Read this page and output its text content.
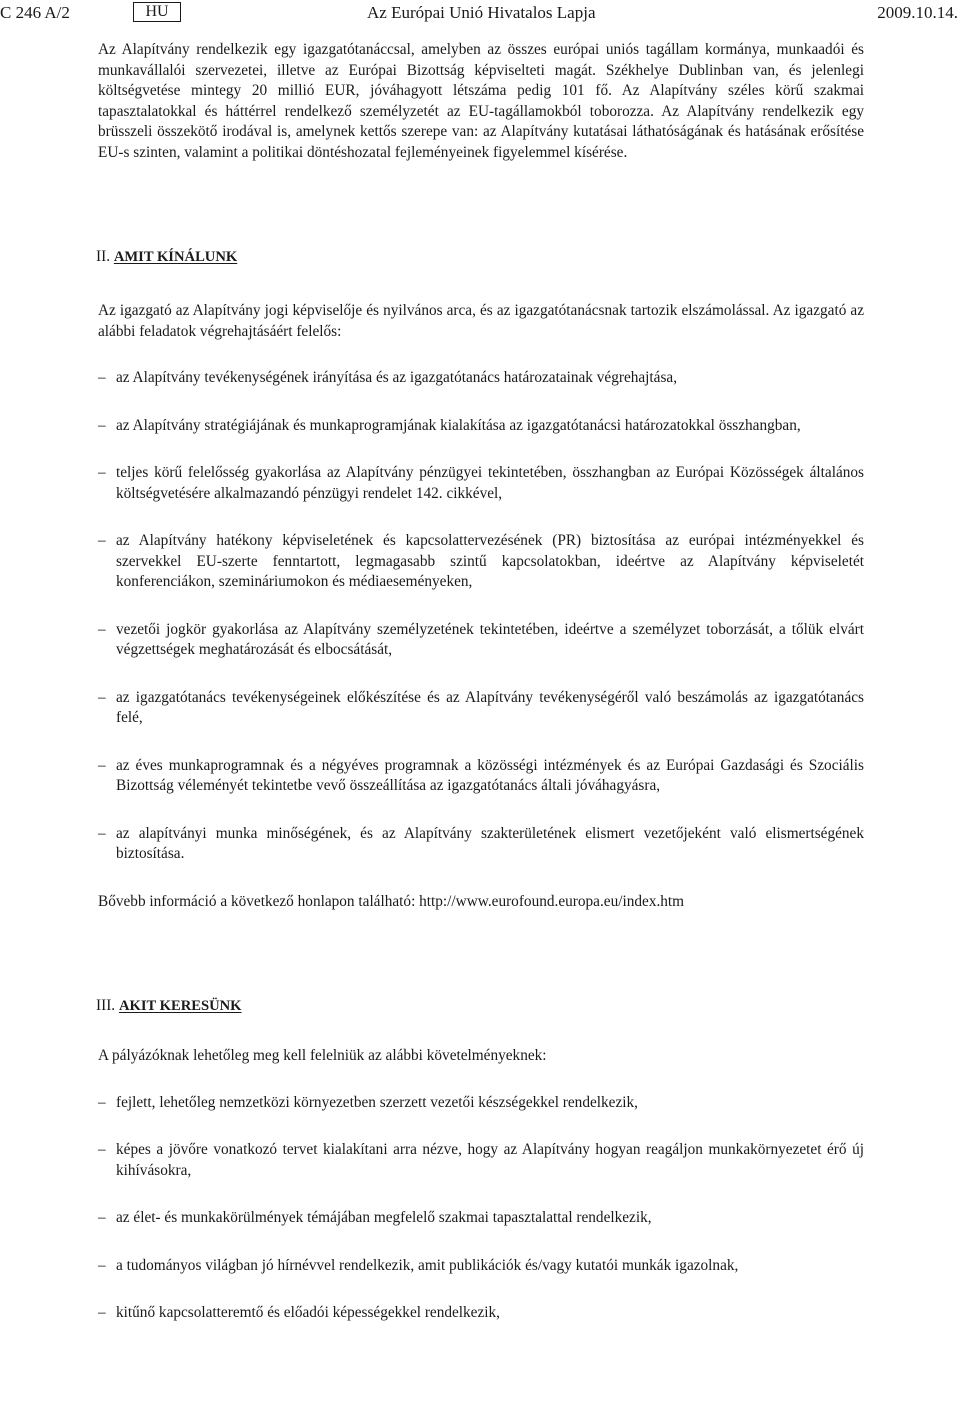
C 246 A/2	HU	Az Európai Unió Hivatalos Lapja	2009.10.14.

Az Alapítvány rendelkezik egy igazgatótanáccsal, amelyben az összes európai uniós tagállam kormánya, munkaadói és munkavállalói szervezetei, illetve az Európai Bizottság képviselteti magát. Székhelye Dublinban van, és jelenlegi költségvetése mintegy 20 millió EUR, jóváhagyott létszáma pedig 101 fő. Az Alapítvány széles körű szakmai tapasztalatokkal és háttérrel rendelkező személyzetét az EU-tagállamokból toborozza. Az Alapítvány rendelkezik egy brüsszeli összekötő irodával is, amelynek kettős szerepe van: az Alapítvány kutatásai láthatóságának és hatásának erősítése EU-s szinten, valamint a politikai döntéshozatal fejleményeinek figyelemmel kísérése.

II. AMIT KÍNÁLUNK

Az igazgató az Alapítvány jogi képviselője és nyilvános arca, és az igazgatótanácsnak tartozik elszámolással. Az igazgató az alábbi feladatok végrehajtásáért felelős:

– az Alapítvány tevékenységének irányítása és az igazgatótanács határozatainak végrehajtása,
– az Alapítvány stratégiájának és munkaprogramjának kialakítása az igazgatótanácsi határozatokkal összhangban,
– teljes körű felelősség gyakorlása az Alapítvány pénzügyei tekintetében, összhangban az Európai Közösségek általános költségvetésére alkalmazandó pénzügyi rendelet 142. cikkével,
– az Alapítvány hatékony képviseletének és kapcsolattervezésének (PR) biztosítása az európai intézményekkel és szervekkel EU-szerte fenntartott, legmagasabb szintű kapcsolatokban, ideértve az Alapítvány képviseletét konferenciákon, szemináriumokon és médiaeseményeken,
– vezetői jogkör gyakorlása az Alapítvány személyzetének tekintetében, ideértve a személyzet toborzását, a tőlük elvárt végzettségek meghatározását és elbocsátását,
– az igazgatótanács tevékenységeinek előkészítése és az Alapítvány tevékenységéről való beszámolás az igazgatótanács felé,
– az éves munkaprogramnak és a négyéves programnak a közösségi intézmények és az Európai Gazdasági és Szociális Bizottság véleményét tekintetbe vevő összeállítása az igazgatótanács általi jóváhagyásra,
– az alapítványi munka minőségének, és az Alapítvány szakterületének elismert vezetőjeként való elismertségének biztosítása.

Bővebb információ a következő honlapon található: http://www.eurofound.europa.eu/index.htm

III. AKIT KERESÜNK

A pályázóknak lehetőleg meg kell felelniük az alábbi követelményeknek:

– fejlett, lehetőleg nemzetközi környezetben szerzett vezetői készségekkel rendelkezik,
– képes a jövőre vonatkozó tervet kialakítani arra nézve, hogy az Alapítvány hogyan reagáljon munkakörnyezetet érő új kihívásokra,
– az élet- és munkakörülmények témájában megfelelő szakmai tapasztalattal rendelkezik,
– a tudományos világban jó hírnévvel rendelkezik, amit publikációk és/vagy kutatói munkák igazolnak,
– kitűnő kapcsolatteremtő és előadói képességekkel rendelkezik,
